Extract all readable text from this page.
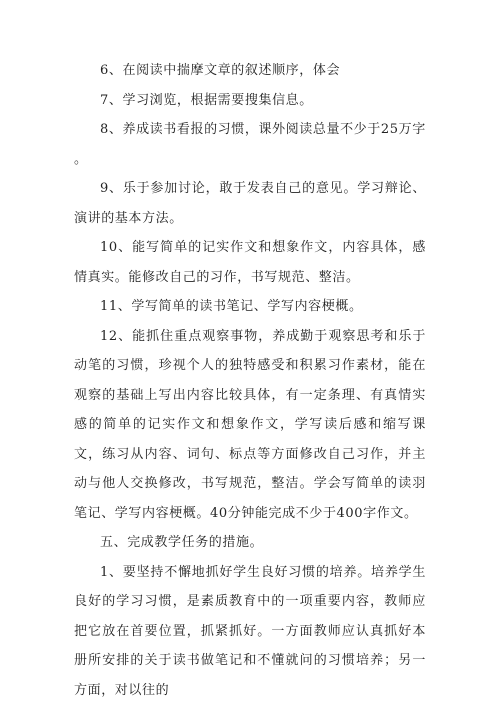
6、在阅读中揣摩文章的叙述顺序，体会

7、学习浏览，根据需要搜集信息。

8、养成读书看报的习惯，课外阅读总量不少于25万字

。

9、乐于参加讨论，敢于发表自己的意见。学习辩论、演讲的基本方法。

10、能写简单的记实作文和想象作文，内容具体，感情真实。能修改自己的习作，书写规范、整洁。

11、学写简单的读书笔记、学写内容梗概。

12、能抓住重点观察事物，养成勤于观察思考和乐于动笔的习惯，珍视个人的独特感受和积累习作素材，能在观察的基础上写出内容比较具体，有一定条理、有真情实感的简单的记实作文和想象作文，学写读后感和缩写课文，练习从内容、词句、标点等方面修改自己习作，并主动与他人交换修改，书写规范，整洁。学会写简单的读羽笔记、学写内容梗概。40分钟能完成不少于400字作文。

五、完成教学任务的措施。

1、要坚持不懈地抓好学生良好习惯的培养。培养学生良好的学习习惯，是素质教育中的一项重要内容，教师应把它放在首要位置，抓紧抓好。一方面教师应认真抓好本册所安排的关于读书做笔记和不懂就问的习惯培养；另一方面，对以往的
